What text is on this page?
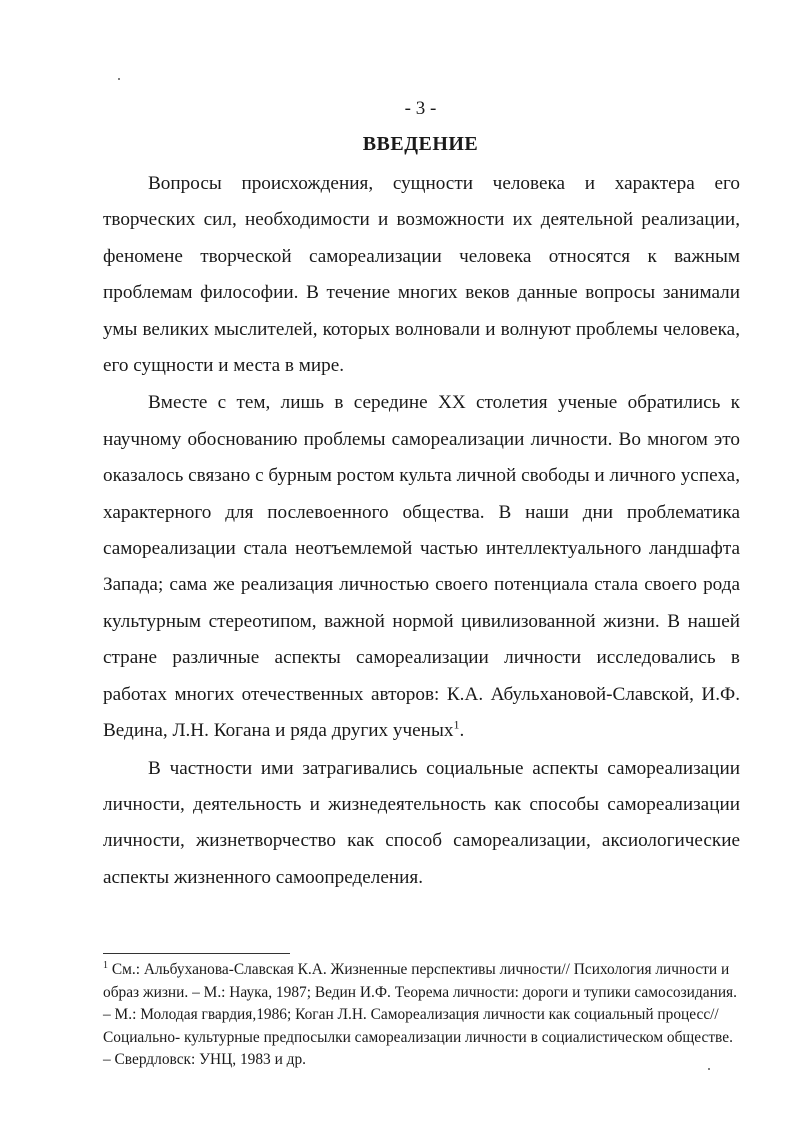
- 3 -
ВВЕДЕНИЕ

Вопросы происхождения, сущности человека и характера его творческих сил, необходимости и возможности их деятельной реализации, феномене творческой самореализации человека относятся к важным проблемам философии. В течение многих веков данные вопросы занимали умы великих мыслителей, которых волновали и волнуют проблемы человека, его сущности и места в мире.

Вместе с тем, лишь в середине XX столетия ученые обратились к научному обоснованию проблемы самореализации личности. Во многом это оказалось связано с бурным ростом культа личной свободы и личного успеха, характерного для послевоенного общества. В наши дни проблематика самореализации стала неотъемлемой частью интеллектуального ландшафта Запада; сама же реализация личностью своего потенциала стала своего рода культурным стереотипом, важной нормой цивилизованной жизни. В нашей стране различные аспекты самореализации личности исследовались в работах многих отечественных авторов: К.А. Абульхановой-Славской, И.Ф. Ведина, Л.Н. Когана и ряда других ученых$^1$.

В частности ими затрагивались социальные аспекты самореализации личности, деятельность и жизнедеятельность как способы самореализации личности, жизнетворчество как способ самореализации, аксиологические аспекты жизненного самоопределения.

$^1$ См.: Альбуханова-Славская К.А. Жизненные перспективы личности// Психология личности и образ жизни. – М.: Наука, 1987; Ведин И.Ф. Теорема личности: дороги и тупики самосозидания. – М.: Молодая гвардия,1986; Коган Л.Н. Самореализация личности как социальный процесс//Социально- культурные предпосылки самореализации личности в социалистическом обществе. – Свердловск: УНЦ, 1983 и др.
